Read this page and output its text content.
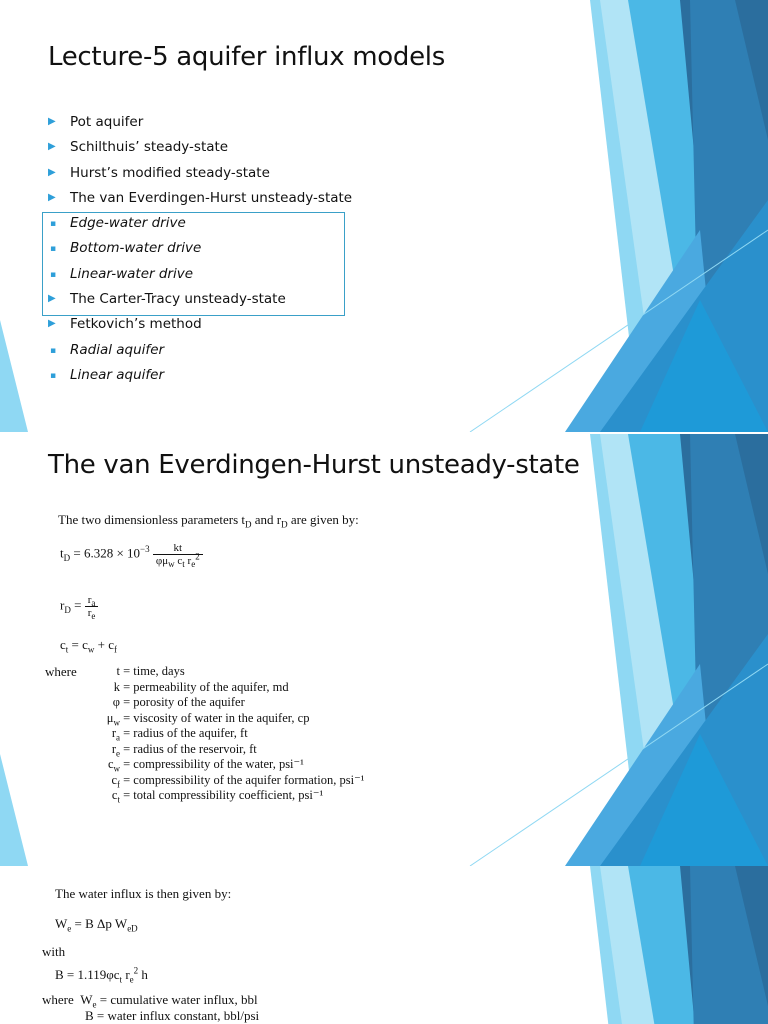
Lecture-5 aquifer influx models
▶	Pot aquifer
▶	Schilthuis’ steady-state
▶	Hurst’s modified steady-state
▶	The van Everdingen-Hurst unsteady-state
▪	Edge-water drive
▪	Bottom-water drive
▪	Linear-water drive
▶	The Carter-Tracy unsteady-state
▶	Fetkovich’s method
▪	Radial aquifer
▪	Linear aquifer
The van Everdingen-Hurst unsteady-state
The two dimensionless parameters $t_D$ and $r_D$ are given by:
$t_D = 6.328 \times 10^{-3} \frac{kt}{\varphi\mu_w c_t r_e^2}$
$r_D = \frac{r_a}{r_e}$
$c_t = c_w + c_f$
where	t = time, days
k = permeability of the aquifer, md
φ = porosity of the aquifer
$\mu_w$ = viscosity of water in the aquifer, cp
$r_a$ = radius of the aquifer, ft
$r_e$ = radius of the reservoir, ft
$c_w$ = compressibility of the water, psi⁻¹
$c_f$ = compressibility of the aquifer formation, psi⁻¹
$c_t$ = total compressibility coefficient, psi⁻¹
The water influx is then given by:
$W_e = B$ Δp $W_{eD}$
with
$B = 1.119\varphi c_t$ $r_e^2$ h
where $W_e$ = cumulative water influx, bbl
B = water influx constant, bbl/psi
